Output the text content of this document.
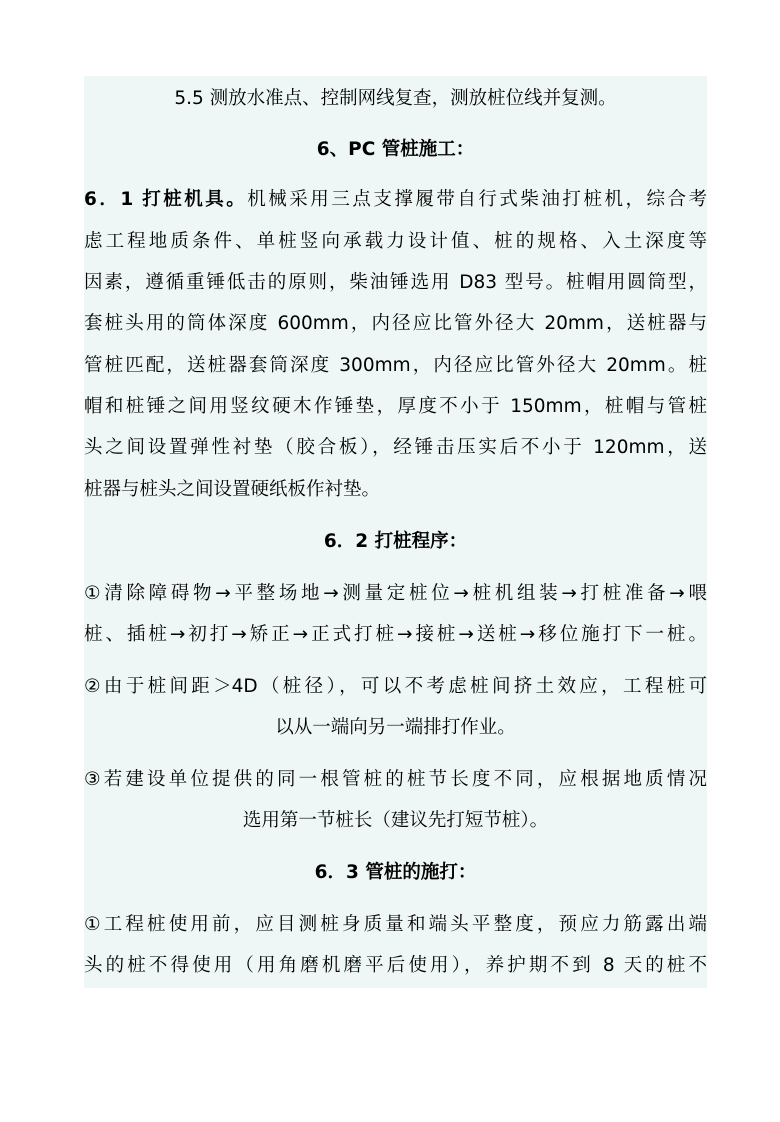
5.5 测放水准点、控制网线复查，测放桩位线并复测。
6、PC 管桩施工：
6．1 打桩机具。机械采用三点支撑履带自行式柴油打桩机，综合考
虑工程地质条件、单桩竖向承载力设计值、桩的规格、入土深度等
因素，遵循重锤低击的原则，柴油锤选用 D83 型号。桩帽用圆筒型，
套桩头用的筒体深度 600mm，内径应比管外径大 20mm，送桩器与
管桩匹配，送桩器套筒深度 300mm，内径应比管外径大 20mm。桩
帽和桩锤之间用竖纹硬木作锤垫，厚度不小于 150mm，桩帽与管桩
头之间设置弹性衬垫（胶合板），经锤击压实后不小于 120mm，送
桩器与桩头之间设置硬纸板作衬垫。
6．2 打桩程序：
①清除障碍物→平整场地→测量定桩位→桩机组装→打桩准备→喂
桩、插桩→初打→矫正→正式打桩→接桩→送桩→移位施打下一桩。
②由于桩间距＞4D（桩径），可以不考虑桩间挤土效应，工程桩可
以从一端向另一端排打作业。
③若建设单位提供的同一根管桩的桩节长度不同，应根据地质情况
选用第一节桩长（建议先打短节桩）。
6．3 管桩的施打：
①工程桩使用前，应目测桩身质量和端头平整度，预应力筋露出端
头的桩不得使用（用角磨机磨平后使用），养护期不到 8 天的桩不
